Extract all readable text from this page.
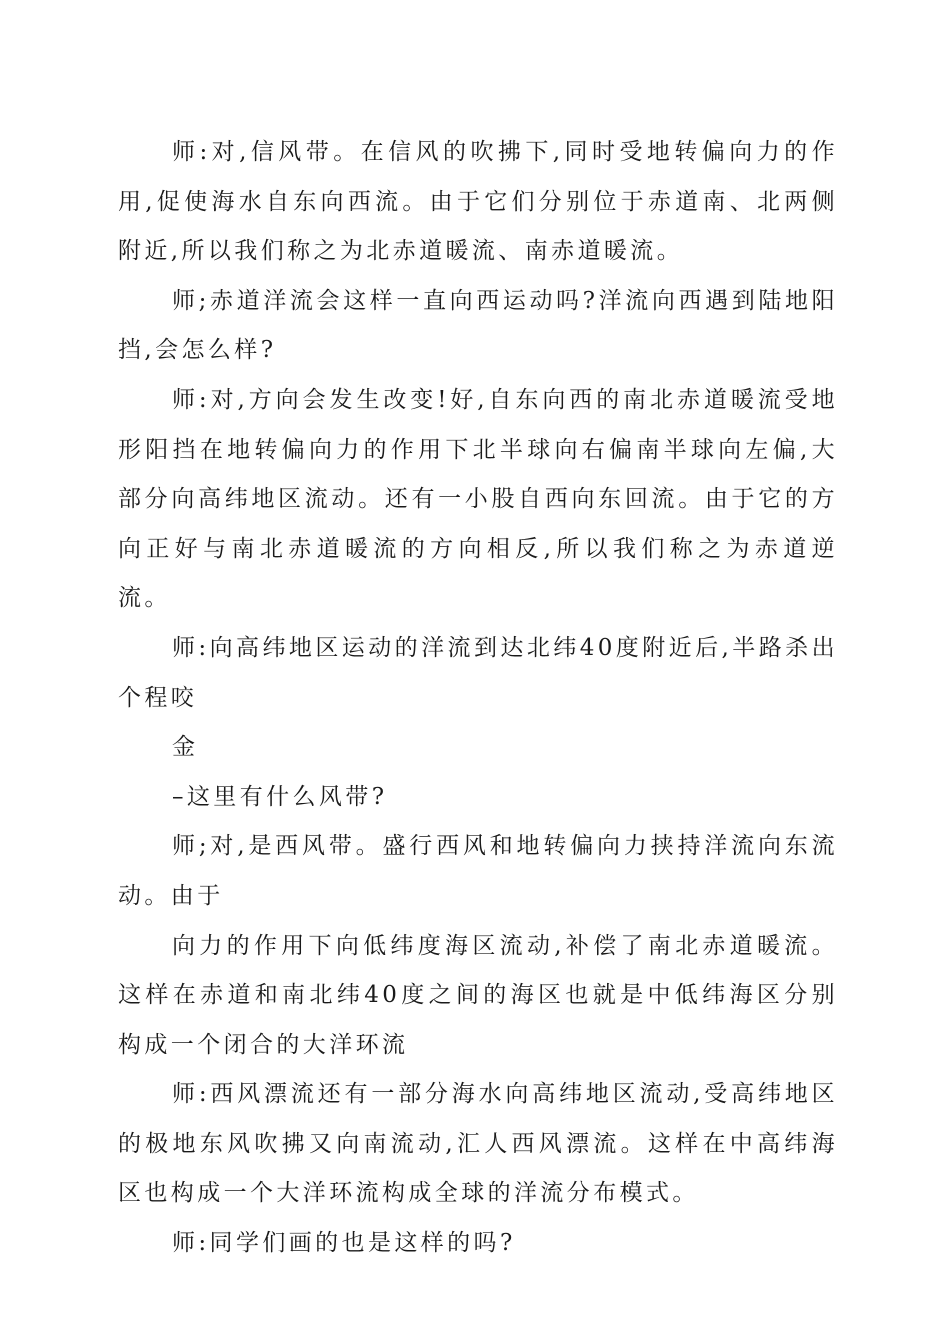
师:对,信风带。在信风的吹拂下,同时受地转偏向力的作用,促使海水自东向西流。由于它们分别位于赤道南、北两侧附近,所以我们称之为北赤道暖流、南赤道暖流。

师;赤道洋流会这样一直向西运动吗?洋流向西遇到陆地阳挡,会怎么样?

师:对,方向会发生改变!好,自东向西的南北赤道暖流受地形阳挡在地转偏向力的作用下北半球向右偏南半球向左偏,大部分向高纬地区流动。还有一小股自西向东回流。由于它的方向正好与南北赤道暖流的方向相反,所以我们称之为赤道逆流。

师:向高纬地区运动的洋流到达北纬40度附近后,半路杀出个程咬

金

–这里有什么风带?

师;对,是西风带。盛行西风和地转偏向力挟持洋流向东流动。由于

向力的作用下向低纬度海区流动,补偿了南北赤道暖流。这样在赤道和南北纬40度之间的海区也就是中低纬海区分别构成一个闭合的大洋环流

师:西风漂流还有一部分海水向高纬地区流动,受高纬地区的极地东风吹拂又向南流动,汇人西风漂流。这样在中高纬海区也构成一个大洋环流构成全球的洋流分布模式。

师:同学们画的也是这样的吗?
